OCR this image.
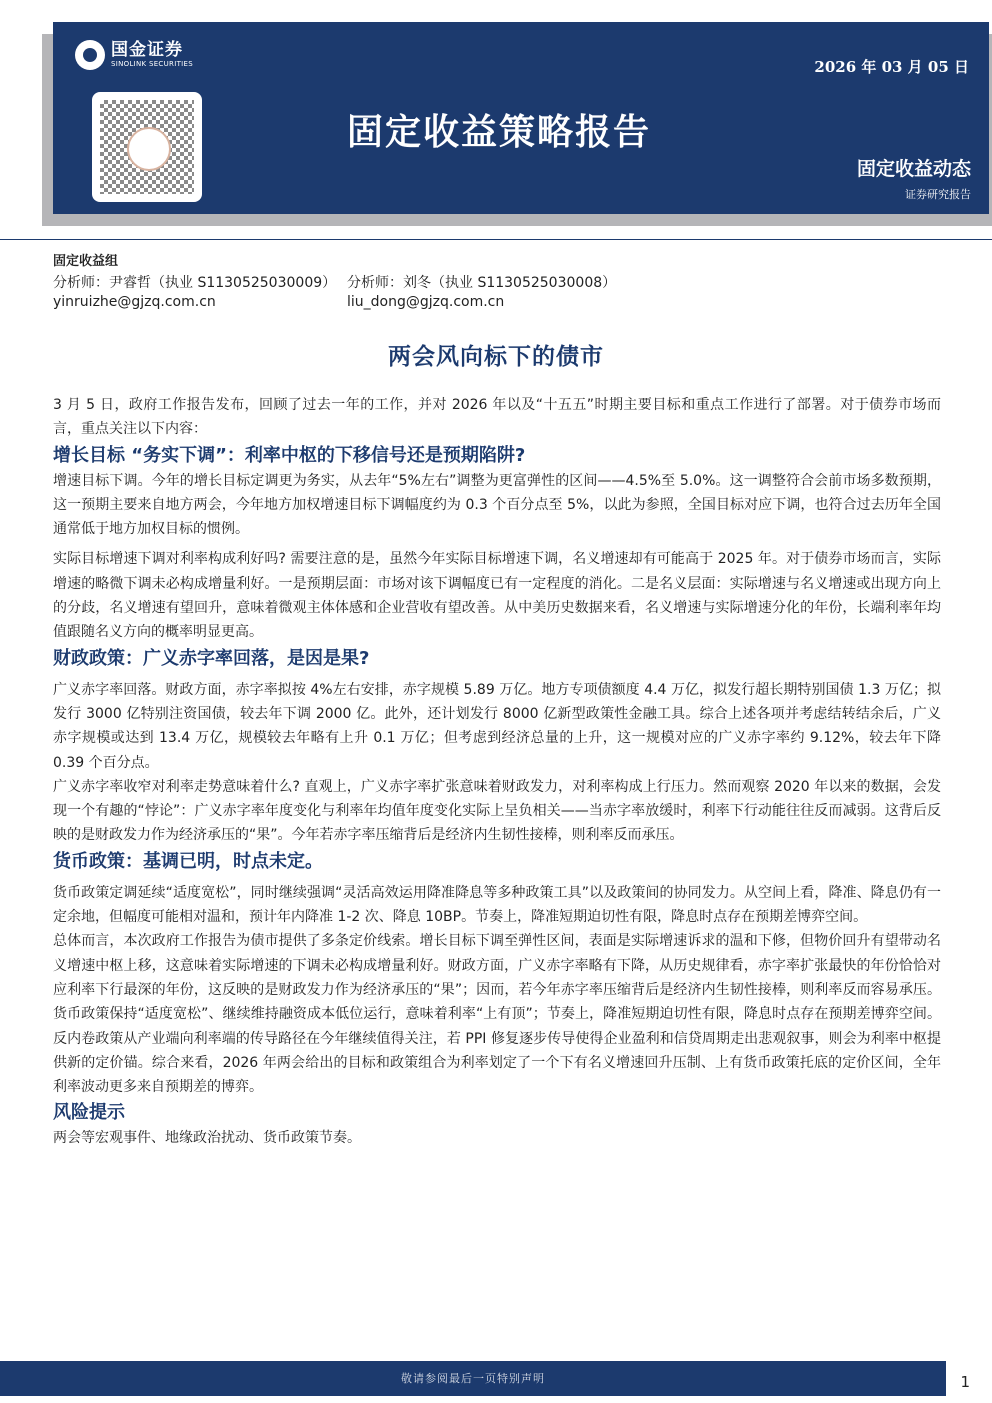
国金证券
SINOLINK SECURITIES
固定收益策略报告
2026 年 03 月 05 日
固定收益动态
证券研究报告
固定收益组
分析师：尹睿哲（执业 S1130525030009） 分析师：刘冬（执业 S1130525030008）
yinruizhe@gjzq.com.cn	liu_dong@gjzq.com.cn
两会风向标下的债市

3 月 5 日，政府工作报告发布，回顾了过去一年的工作，并对 2026 年以及“十五五”时期主要目标和重点工作进行了部署。对于债券市场而言，重点关注以下内容：

增长目标 “务实下调”：利率中枢的下移信号还是预期陷阱?

增速目标下调。今年的增长目标定调更为务实，从去年“5%左右”调整为更富弹性的区间——4.5%至 5.0%。这一调整符合会前市场多数预期，这一预期主要来自地方两会，今年地方加权增速目标下调幅度约为 0.3 个百分点至 5%，以此为参照，全国目标对应下调，也符合过去历年全国通常低于地方加权目标的惯例。

实际目标增速下调对利率构成利好吗? 需要注意的是，虽然今年实际目标增速下调，名义增速却有可能高于 2025 年。对于债券市场而言，实际增速的略微下调未必构成增量利好。一是预期层面：市场对该下调幅度已有一定程度的消化。二是名义层面：实际增速与名义增速或出现方向上的分歧，名义增速有望回升，意味着微观主体体感和企业营收有望改善。从中美历史数据来看，名义增速与实际增速分化的年份，长端利率年均值跟随名义方向的概率明显更高。

财政政策：广义赤字率回落，是因是果?

广义赤字率回落。财政方面，赤字率拟按 4%左右安排，赤字规模 5.89 万亿。地方专项债额度 4.4 万亿，拟发行超长期特别国债 1.3 万亿；拟发行 3000 亿特别注资国债，较去年下调 2000 亿。此外，还计划发行 8000 亿新型政策性金融工具。综合上述各项并考虑结转结余后，广义赤字规模或达到 13.4 万亿，规模较去年略有上升 0.1 万亿；但考虑到经济总量的上升，这一规模对应的广义赤字率约 9.12%，较去年下降 0.39 个百分点。

广义赤字率收窄对利率走势意味着什么? 直观上，广义赤字率扩张意味着财政发力，对利率构成上行压力。然而观察 2020 年以来的数据，会发现一个有趣的“悖论”：广义赤字率年度变化与利率年均值年度变化实际上呈负相关——当赤字率放缓时，利率下行动能往往反而减弱。这背后反映的是财政发力作为经济承压的“果”。今年若赤字率压缩背后是经济内生韧性接棒，则利率反而承压。

货币政策：基调已明，时点未定。

货币政策定调延续“适度宽松”，同时继续强调“灵活高效运用降准降息等多种政策工具”以及政策间的协同发力。从空间上看，降准、降息仍有一定余地，但幅度可能相对温和，预计年内降准 1-2 次、降息 10BP。节奏上，降准短期迫切性有限，降息时点存在预期差博弈空间。

总体而言，本次政府工作报告为债市提供了多条定价线索。增长目标下调至弹性区间，表面是实际增速诉求的温和下修，但物价回升有望带动名义增速中枢上移，这意味着实际增速的下调未必构成增量利好。财政方面，广义赤字率略有下降，从历史规律看，赤字率扩张最快的年份恰恰对应利率下行最深的年份，这反映的是财政发力作为经济承压的“果”；因而，若今年赤字率压缩背后是经济内生韧性接棒，则利率反而容易承压。货币政策保持“适度宽松”、继续维持融资成本低位运行，意味着利率“上有顶”；节奏上，降准短期迫切性有限，降息时点存在预期差博弈空间。反内卷政策从产业端向利率端的传导路径在今年继续值得关注，若 PPI 修复逐步传导使得企业盈利和信贷周期走出悲观叙事，则会为利率中枢提供新的定价锚。综合来看，2026 年两会给出的目标和政策组合为利率划定了一个下有名义增速回升压制、上有货币政策托底的定价区间，全年利率波动更多来自预期差的博弈。

风险提示

两会等宏观事件、地缘政治扰动、货币政策节奏。

敬请参阅最后一页特别声明	1
